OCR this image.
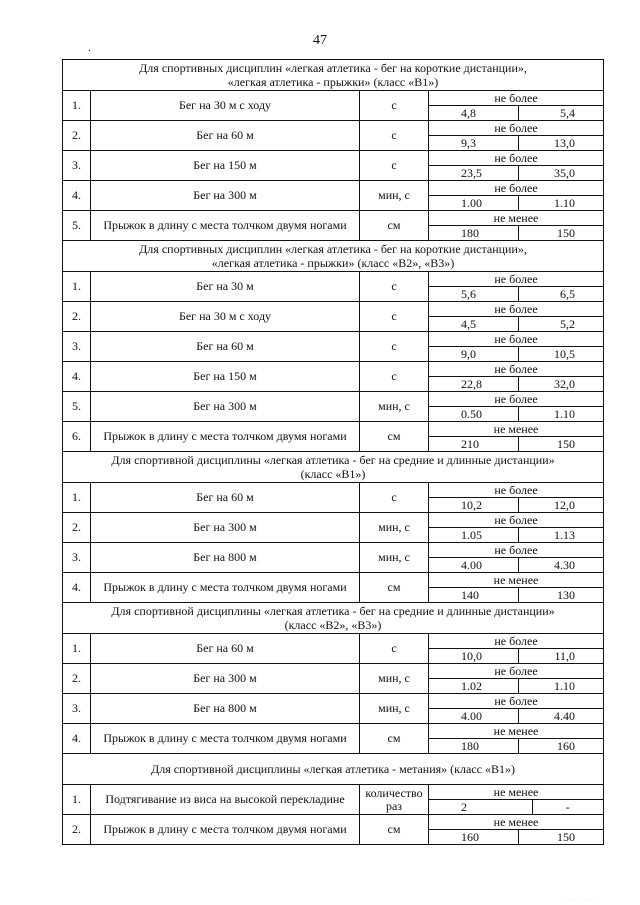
.	47
Для спортивных дисциплин «легкая атлетика - бег на короткие дистанции»,
«легкая атлетика - прыжки» (класс «В1»)			

1.	Бег на 30 м с ходу	с	не более
4,8 5,4

2.	Бег на 60 м	с	не более
9,3 13,0

3.	Бег на 150 м	с	не более
23,5 35,0

4.	Бег на 300 м	мин, с	не более
1.00 1.10

5.	Прыжок в длину с места толчком двумя ногами	см	не менее
180 150

Для спортивных дисциплин «легкая атлетика - бег на короткие дистанции»,
«легкая атлетика - прыжки» (класс «В2», «В3»)			

1.	Бег на 30 м	с	не более
5,6 6,5

2.	Бег на 30 м с ходу	с	не более
4,5 5,2

3.	Бег на 60 м	с	не более
9,0 10,5

4.	Бег на 150 м	с	не более
22,8 32,0

5.	Бег на 300 м	мин, с	не более
0.50 1.10

6.	Прыжок в длину с места толчком двумя ногами	см	не менее
210 150

Для спортивной дисциплины «легкая атлетика - бег на средние и длинные дистанции»
(класс «В1»)			

1.	Бег на 60 м	с	не более
10,2 12,0

2.	Бег на 300 м	мин, с	не более
1.05 1.13

3.	Бег на 800 м	мин, с	не более
4.00 4.30

4.	Прыжок в длину с места толчком двумя ногами	см	не менее
140 130

Для спортивной дисциплины «легкая атлетика - бег на средние и длинные дистанции»
(класс «В2», «В3»)			

1.	Бег на 60 м	с	не более
10,0 11,0

2.	Бег на 300 м	мин, с	не более
1.02 1.10

3.	Бег на 800 м	мин, с	не более
4.00 4.40

4.	Прыжок в длину с места толчком двумя ногами	см	не менее
180 160

Для спортивной дисциплины «легкая атлетика - метания» (класс «В1»)			

1.	Подтягивание из виса на высокой перекладине	количество раз	не менее
2 -

2.	Прыжок в длину с места толчком двумя ногами	см	не менее
160 150
· ·· ··· ·
